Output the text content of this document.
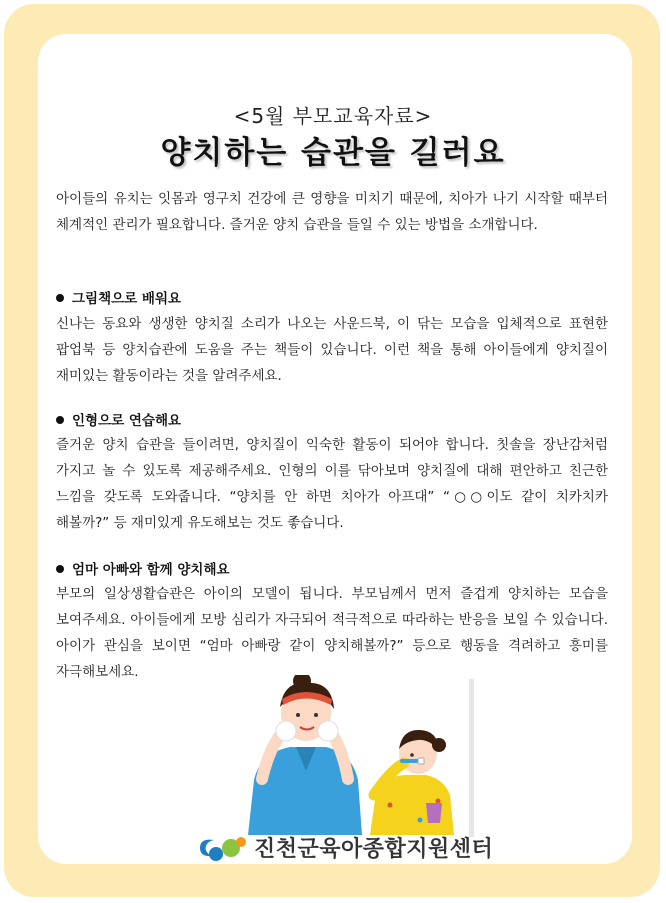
<5월 부모교육자료>
양치하는 습관을 길러요

아이들의 유치는 잇몸과 영구치 건강에 큰 영향을 미치기 때문에, 치아가 나기 시작할 때부터 체계적인 관리가 필요합니다. 즐거운 양치 습관을 들일 수 있는 방법을 소개합니다.

그림책으로 배워요

신나는 동요와 생생한 양치질 소리가 나오는 사운드북, 이 닦는 모습을 입체적으로 표현한 팝업북 등 양치습관에 도움을 주는 책들이 있습니다. 이런 책을 통해 아이들에게 양치질이 재미있는 활동이라는 것을 알려주세요.

인형으로 연습해요

즐거운 양치 습관을 들이려면, 양치질이 익숙한 활동이 되어야 합니다. 칫솔을 장난감처럼 가지고 놀 수 있도록 제공해주세요. 인형의 이를 닦아보며 양치질에 대해 편안하고 친근한 느낌을 갖도록 도와줍니다. “양치를 안 하면 치아가 아프대” “○○이도 같이 치카치카 해볼까?” 등 재미있게 유도해보는 것도 좋습니다.

엄마 아빠와 함께 양치해요

부모의 일상생활습관은 아이의 모델이 됩니다. 부모님께서 먼저 즐겁게 양치하는 모습을 보여주세요. 아이들에게 모방 심리가 자극되어 적극적으로 따라하는 반응을 보일 수 있습니다. 아이가 관심을 보이면 “엄마 아빠랑 같이 양치해볼까?” 등으로 행동을 격려하고 흥미를 자극해보세요.

진천군육아종합지원센터
